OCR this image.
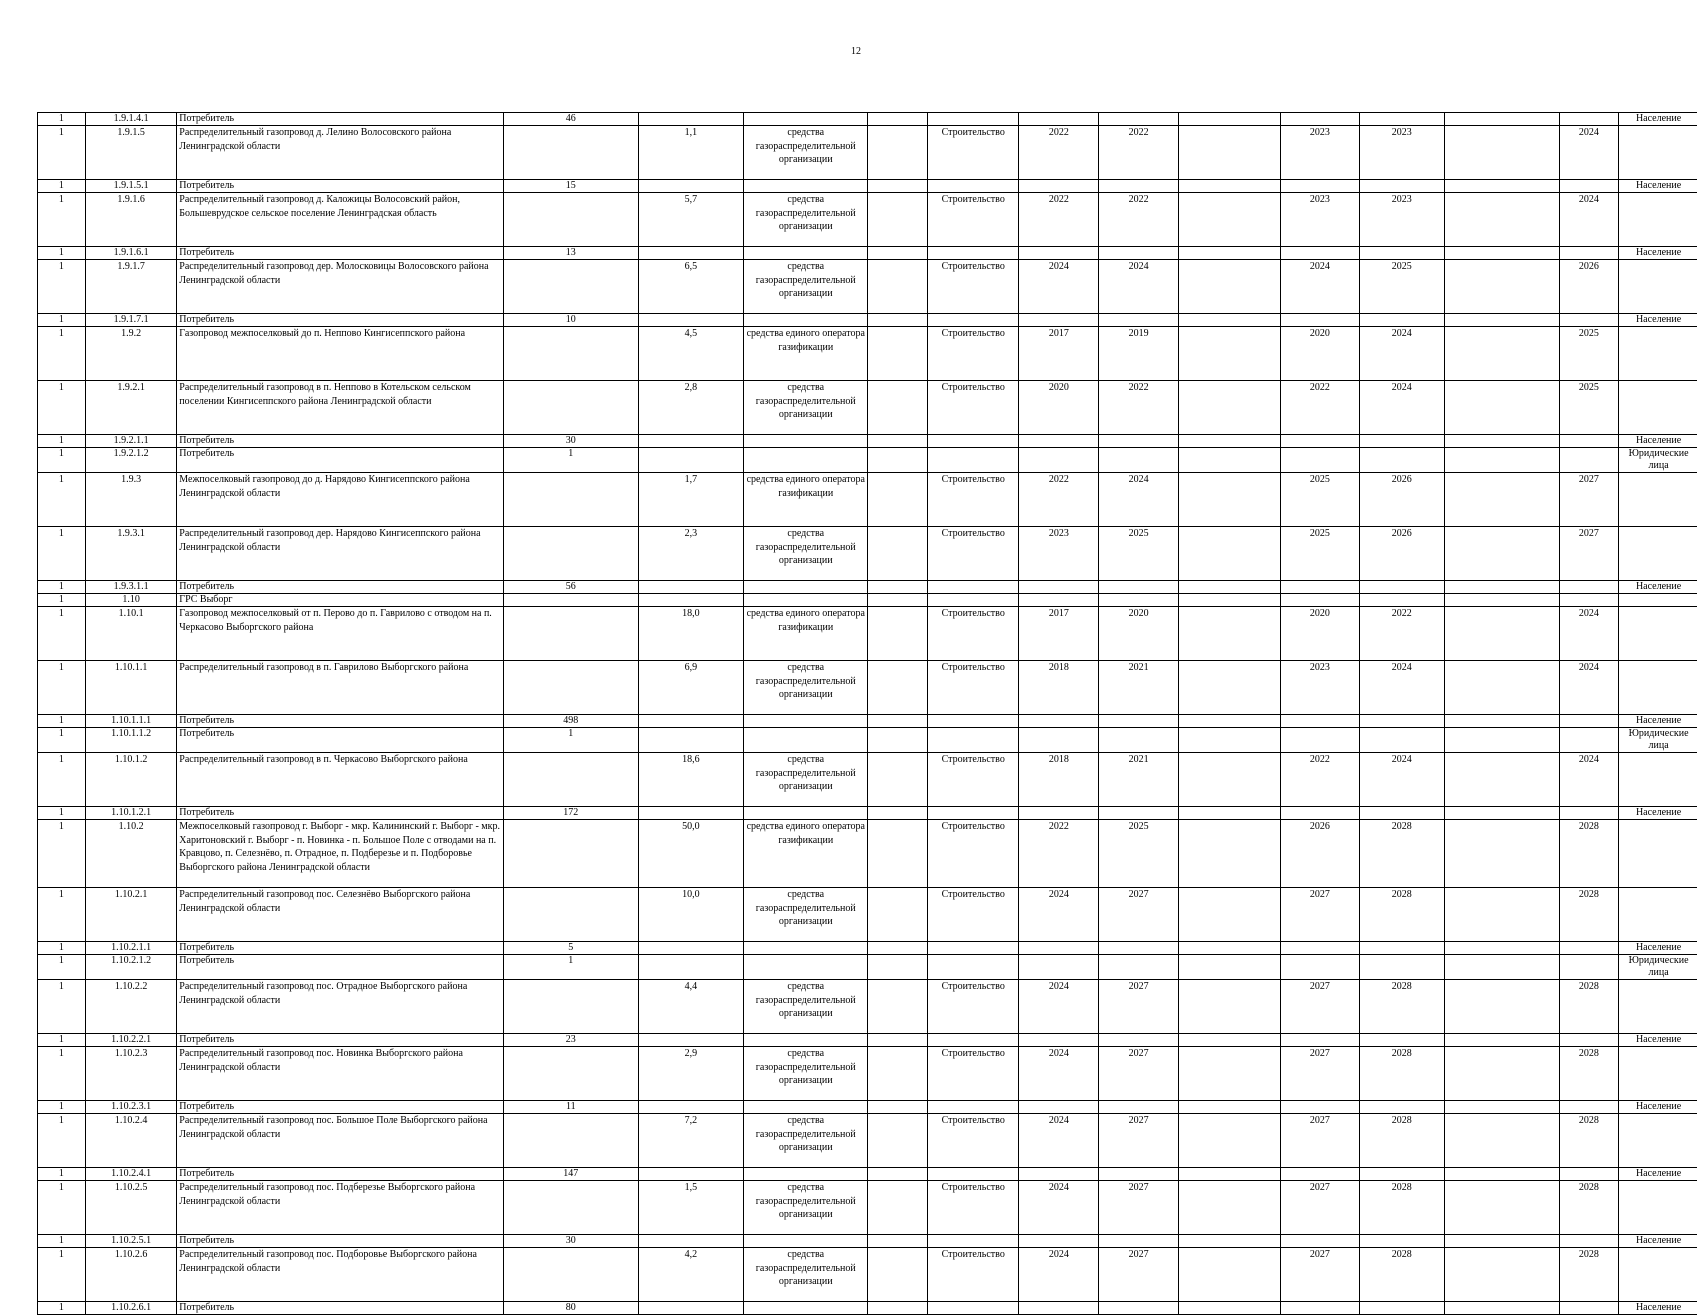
12
1	1.9.1.4.1	Потребитель	46												Население
1	1.9.1.5	Распределительный газопровод д. Лелино Волосовского района Ленинградской области		1,1	средства газораспределительной организации		Строительство	2022	2022		2023	2023		2024	
1	1.9.1.5.1	Потребитель	15												Население
1	1.9.1.6	Распределительный газопровод д. Каложицы Волосовский район, Большеврудское сельское поселение Ленинградская область		5,7	средства газораспределительной организации		Строительство	2022	2022		2023	2023		2024	
1	1.9.1.6.1	Потребитель	13												Население
1	1.9.1.7	Распределительный газопровод дер. Молосковицы Волосовского района Ленинградской области		6,5	средства газораспределительной организации		Строительство	2024	2024		2024	2025		2026	
1	1.9.1.7.1	Потребитель	10												Население
1	1.9.2	Газопровод межпоселковый до п. Неппово Кингисеппского района		4,5	средства единого оператора газификации		Строительство	2017	2019		2020	2024		2025	
1	1.9.2.1	Распределительный газопровод в п. Неппово в Котельском сельском поселении Кингисеппского района Ленинградской области		2,8	средства газораспределительной организации		Строительство	2020	2022		2022	2024		2025	
1	1.9.2.1.1	Потребитель	30												Население
1	1.9.2.1.2	Потребитель	1												Юридические лица
1	1.9.3	Межпоселковый газопровод до д. Нарядово Кингисеппского района Ленинградской области		1,7	средства единого оператора газификации		Строительство	2022	2024		2025	2026		2027	
1	1.9.3.1	Распределительный газопровод дер. Нарядово Кингисеппского района Ленинградской области		2,3	средства газораспределительной организации		Строительство	2023	2025		2025	2026		2027	
1	1.9.3.1.1	Потребитель	56												Население
1	1.10	ГРС Выборг													
1	1.10.1	Газопровод межпоселковый от п. Перово до п. Гаврилово с отводом на п. Черкасово Выборгского района		18,0	средства единого оператора газификации		Строительство	2017	2020		2020	2022		2024	
1	1.10.1.1	Распределительный газопровод в п. Гаврилово Выборгского района		6,9	средства газораспределительной организации		Строительство	2018	2021		2023	2024		2024	
1	1.10.1.1.1	Потребитель	498												Население
1	1.10.1.1.2	Потребитель	1												Юридические лица
1	1.10.1.2	Распределительный газопровод в п. Черкасово Выборгского района		18,6	средства газораспределительной организации		Строительство	2018	2021		2022	2024		2024	
1	1.10.1.2.1	Потребитель	172												Население
1	1.10.2	Межпоселковый газопровод г. Выборг - мкр. Калининский г. Выборг - мкр. Харитоновский г. Выборг - п. Новинка - п. Большое Поле с отводами на п. Кравцово, п. Селезнёво, п. Отрадное, п. Подберезье и п. Подборовье Выборгского района Ленинградской области		50,0	средства единого оператора газификации		Строительство	2022	2025		2026	2028		2028	
1	1.10.2.1	Распределительный газопровод пос. Селезнёво Выборгского района Ленинградской области		10,0	средства газораспределительной организации		Строительство	2024	2027		2027	2028		2028	
1	1.10.2.1.1	Потребитель	5												Население
1	1.10.2.1.2	Потребитель	1												Юридические лица
1	1.10.2.2	Распределительный газопровод пос. Отрадное Выборгского района Ленинградской области		4,4	средства газораспределительной организации		Строительство	2024	2027		2027	2028		2028	
1	1.10.2.2.1	Потребитель	23												Население
1	1.10.2.3	Распределительный газопровод пос. Новинка Выборгского района Ленинградской области		2,9	средства газораспределительной организации		Строительство	2024	2027		2027	2028		2028	
1	1.10.2.3.1	Потребитель	11												Население
1	1.10.2.4	Распределительный газопровод пос. Большое Поле Выборгского района Ленинградской области		7,2	средства газораспределительной организации		Строительство	2024	2027		2027	2028		2028	
1	1.10.2.4.1	Потребитель	147												Население
1	1.10.2.5	Распределительный газопровод пос. Подберезье Выборгского района Ленинградской области		1,5	средства газораспределительной организации		Строительство	2024	2027		2027	2028		2028	
1	1.10.2.5.1	Потребитель	30												Население
1	1.10.2.6	Распределительный газопровод пос. Подборовье Выборгского района Ленинградской области		4,2	средства газораспределительной организации		Строительство	2024	2027		2027	2028		2028	
1	1.10.2.6.1	Потребитель	80												Население
